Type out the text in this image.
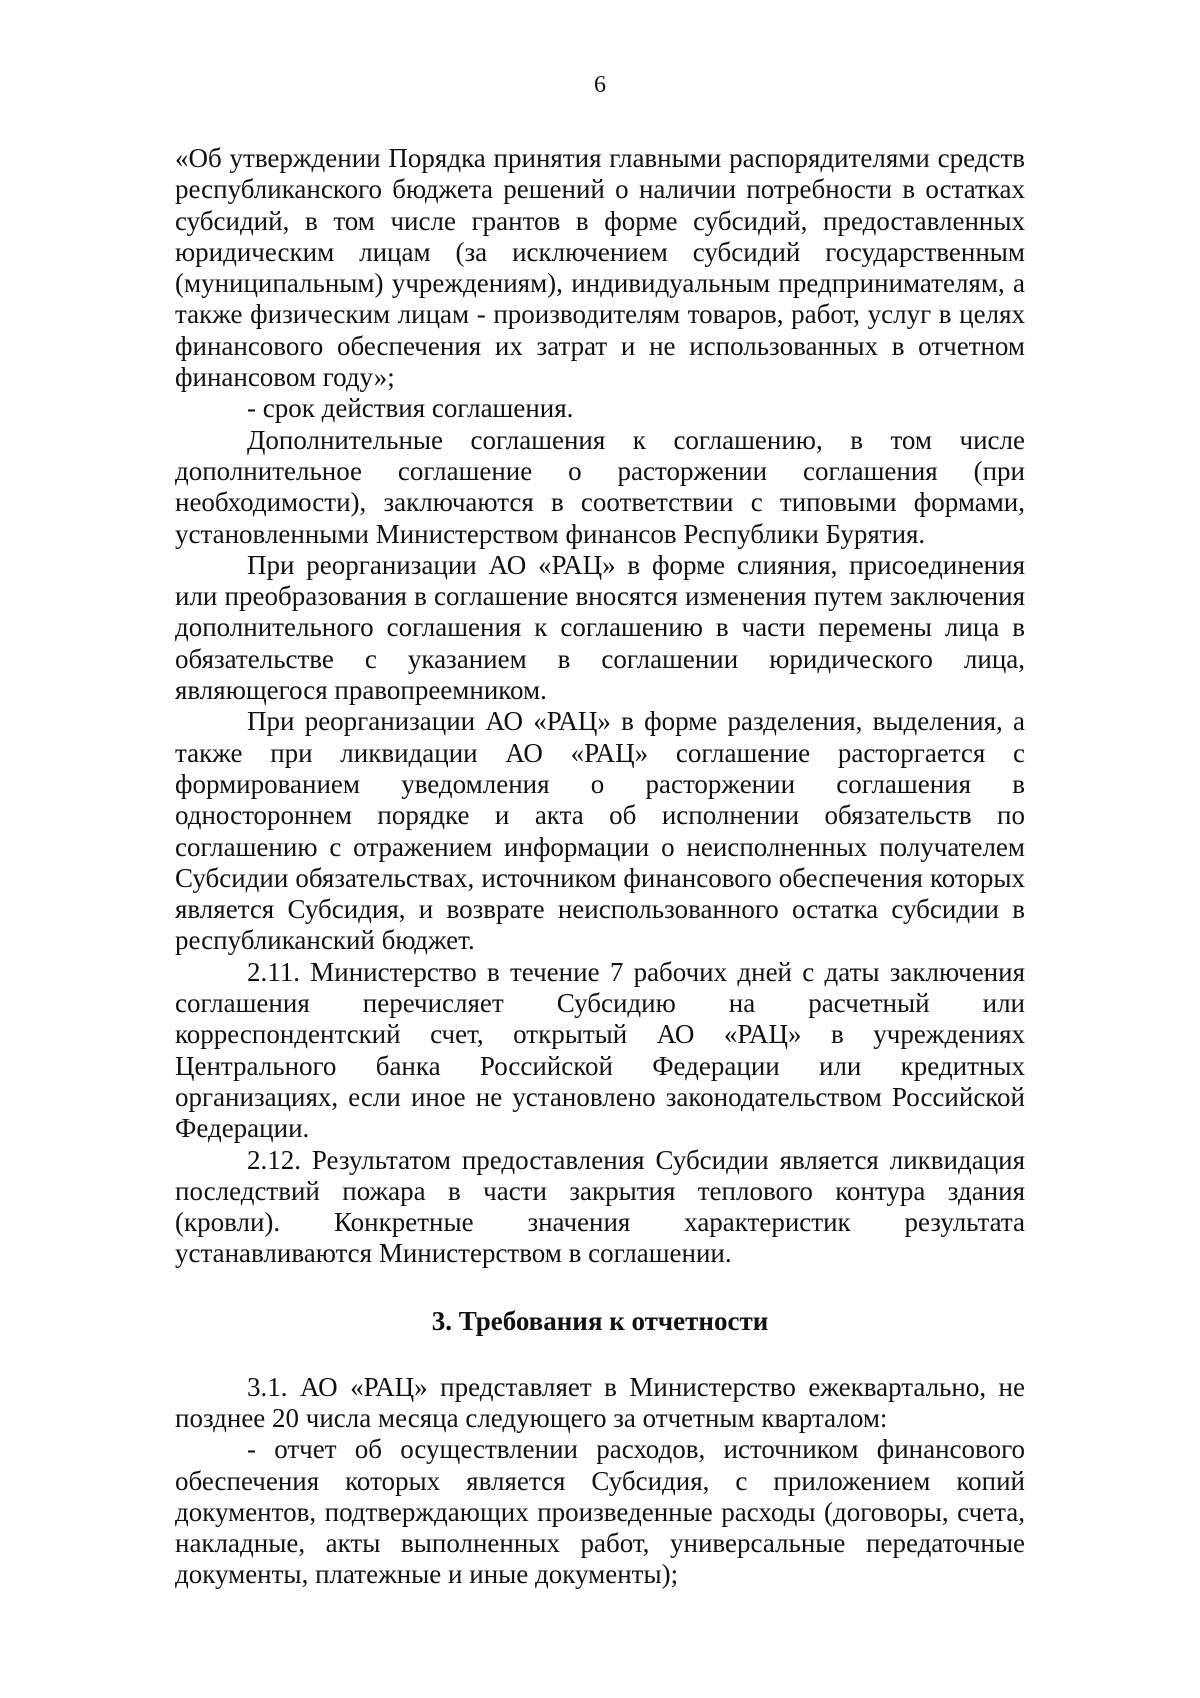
6

«Об утверждении Порядка принятия главными распорядителями средств республиканского бюджета решений о наличии потребности в остатках субсидий, в том числе грантов в форме субсидий, предоставленных юридическим лицам (за исключением субсидий государственным (муниципальным) учреждениям), индивидуальным предпринимателям, а также физическим лицам - производителям товаров, работ, услуг в целях финансового обеспечения их затрат и не использованных в отчетном финансовом году»;

- срок действия соглашения.

Дополнительные соглашения к соглашению, в том числе дополнительное соглашение о расторжении соглашения (при необходимости), заключаются в соответствии с типовыми формами, установленными Министерством финансов Республики Бурятия.

При реорганизации АО «РАЦ» в форме слияния, присоединения или преобразования в соглашение вносятся изменения путем заключения дополнительного соглашения к соглашению в части перемены лица в обязательстве с указанием в соглашении юридического лица, являющегося правопреемником.

При реорганизации АО «РАЦ» в форме разделения, выделения, а также при ликвидации АО «РАЦ» соглашение расторгается с формированием уведомления о расторжении соглашения в одностороннем порядке и акта об исполнении обязательств по соглашению с отражением информации о неисполненных получателем Субсидии обязательствах, источником финансового обеспечения которых является Субсидия, и возврате неиспользованного остатка субсидии в республиканский бюджет.

2.11. Министерство в течение 7 рабочих дней с даты заключения соглашения перечисляет Субсидию на расчетный или корреспондентский счет, открытый АО «РАЦ» в учреждениях Центрального банка Российской Федерации или кредитных организациях, если иное не установлено законодательством Российской Федерации.

2.12. Результатом предоставления Субсидии является ликвидация последствий пожара в части закрытия теплового контура здания (кровли). Конкретные значения характеристик результата устанавливаются Министерством в соглашении.

3. Требования к отчетности

3.1. АО «РАЦ» представляет в Министерство ежеквартально, не позднее 20 числа месяца следующего за отчетным кварталом:

- отчет об осуществлении расходов, источником финансового обеспечения которых является Субсидия, с приложением копий документов, подтверждающих произведенные расходы (договоры, счета, накладные, акты выполненных работ, универсальные передаточные документы, платежные и иные документы);
